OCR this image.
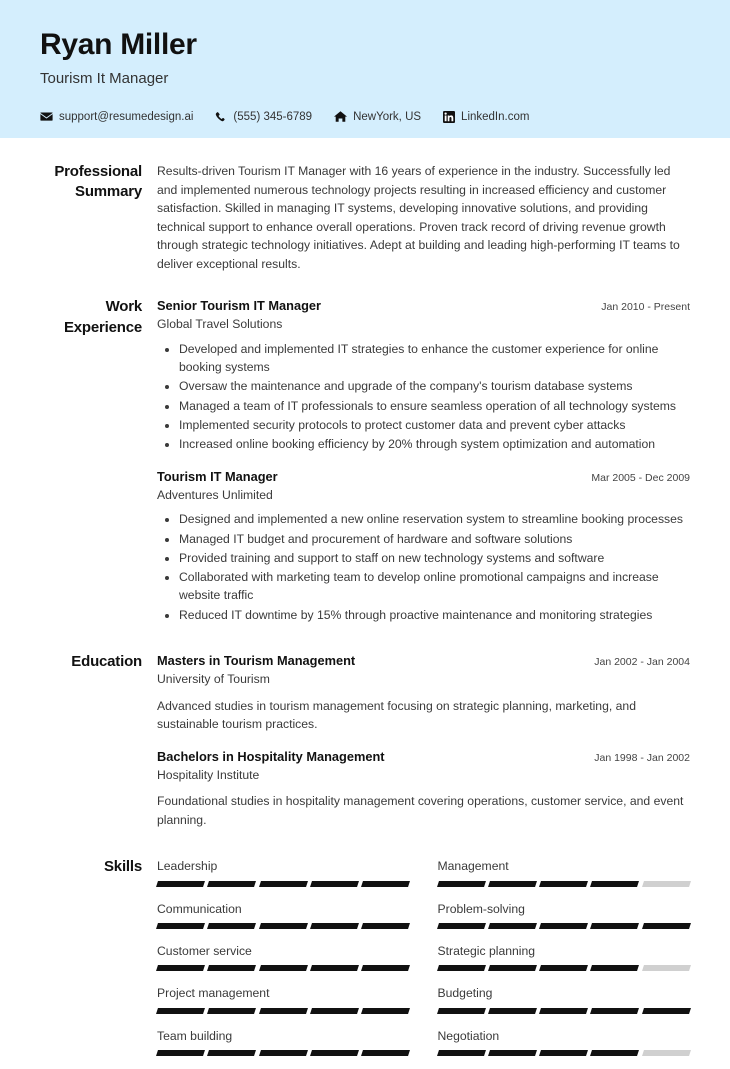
Ryan Miller
Tourism It Manager
support@resumedesign.ai	(555) 345-6789	NewYork, US	LinkedIn.com
Professional Summary
Results-driven Tourism IT Manager with 16 years of experience in the industry. Successfully led and implemented numerous technology projects resulting in increased efficiency and customer satisfaction. Skilled in managing IT systems, developing innovative solutions, and providing technical support to enhance overall operations. Proven track record of driving revenue growth through strategic technology initiatives. Adept at building and leading high-performing IT teams to deliver exceptional results.
Work Experience
Senior Tourism IT Manager	Jan 2010 - Present
Global Travel Solutions
• Developed and implemented IT strategies to enhance the customer experience for online booking systems
• Oversaw the maintenance and upgrade of the company's tourism database systems
• Managed a team of IT professionals to ensure seamless operation of all technology systems
• Implemented security protocols to protect customer data and prevent cyber attacks
• Increased online booking efficiency by 20% through system optimization and automation
Tourism IT Manager	Mar 2005 - Dec 2009
Adventures Unlimited
• Designed and implemented a new online reservation system to streamline booking processes
• Managed IT budget and procurement of hardware and software solutions
• Provided training and support to staff on new technology systems and software
• Collaborated with marketing team to develop online promotional campaigns and increase website traffic
• Reduced IT downtime by 15% through proactive maintenance and monitoring strategies
Education	Masters in Tourism Management	Jan 2002 - Jan 2004
University of Tourism
Advanced studies in tourism management focusing on strategic planning, marketing, and sustainable tourism practices.
Bachelors in Hospitality Management	Jan 1998 - Jan 2002
Hospitality Institute
Foundational studies in hospitality management covering operations, customer service, and event planning.
Skills	Leadership	Management
Communication	Problem-solving
Customer service	Strategic planning
Project management	Budgeting
Team building	Negotiation
